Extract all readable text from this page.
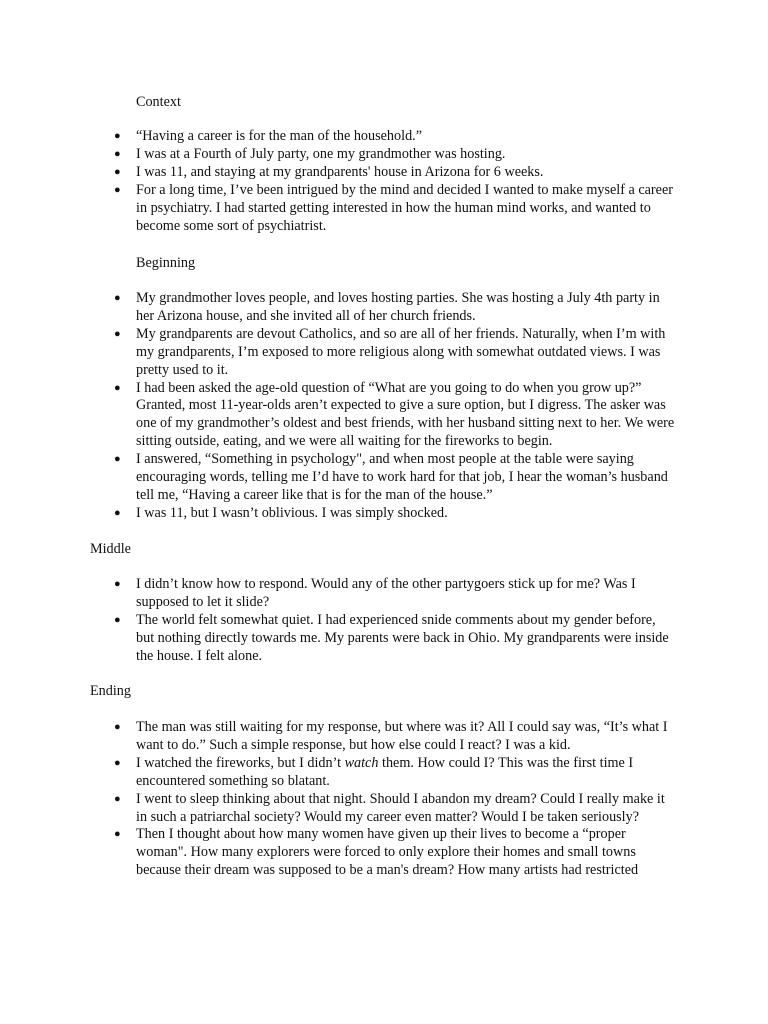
Context

● “Having a career is for the man of the household.”
● I was at a Fourth of July party, one my grandmother was hosting.
● I was 11, and staying at my grandparents' house in Arizona for 6 weeks.
● For a long time, I’ve been intrigued by the mind and decided I wanted to make myself a career in psychiatry. I had started getting interested in how the human mind works, and wanted to become some sort of psychiatrist.

Beginning

● My grandmother loves people, and loves hosting parties. She was hosting a July 4th party in her Arizona house, and she invited all of her church friends.
● My grandparents are devout Catholics, and so are all of her friends. Naturally, when I’m with my grandparents, I’m exposed to more religious along with somewhat outdated views. I was pretty used to it.
● I had been asked the age-old question of “What are you going to do when you grow up?” Granted, most 11-year-olds aren’t expected to give a sure option, but I digress. The asker was one of my grandmother’s oldest and best friends, with her husband sitting next to her. We were sitting outside, eating, and we were all waiting for the fireworks to begin.
● I answered, “Something in psychology", and when most people at the table were saying encouraging words, telling me I’d have to work hard for that job, I hear the woman’s husband tell me, “Having a career like that is for the man of the house.”
● I was 11, but I wasn’t oblivious. I was simply shocked.

Middle

● I didn’t know how to respond. Would any of the other partygoers stick up for me? Was I supposed to let it slide?
● The world felt somewhat quiet. I had experienced snide comments about my gender before, but nothing directly towards me. My parents were back in Ohio. My grandparents were inside the house. I felt alone.

Ending

● The man was still waiting for my response, but where was it? All I could say was, “It’s what I want to do.” Such a simple response, but how else could I react? I was a kid.
● I watched the fireworks, but I didn’t watch them. How could I? This was the first time I encountered something so blatant.
● I went to sleep thinking about that night. Should I abandon my dream? Could I really make it in such a patriarchal society? Would my career even matter? Would I be taken seriously?
● Then I thought about how many women have given up their lives to become a “proper woman". How many explorers were forced to only explore their homes and small towns because their dream was supposed to be a man's dream? How many artists had restricted
